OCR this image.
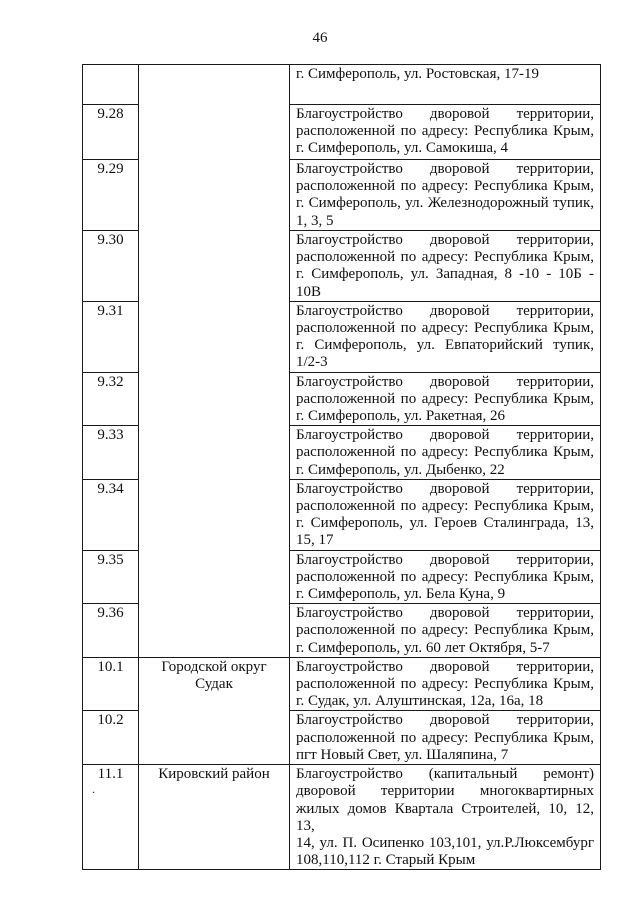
46

		г. Симферополь, ул. Ростовская, 17-19

9.28		Благоустройство дворовой территории,
расположенной по адресу: Республика Крым,
г. Симферополь, ул. Самокиша, 4

9.29		Благоустройство дворовой территории,
расположенной по адресу: Республика Крым,
г. Симферополь, ул. Железнодорожный тупик,
1, 3, 5

9.30		Благоустройство дворовой территории,
расположенной по адресу: Республика Крым,
г. Симферополь, ул. Западная, 8 -10 - 10Б - 10В

9.31		Благоустройство дворовой территории,
расположенной по адресу: Республика Крым,
г. Симферополь, ул. Евпаторийский тупик,
1/2-3

9.32		Благоустройство дворовой территории,
расположенной по адресу: Республика Крым,
г. Симферополь, ул. Ракетная, 26

9.33		Благоустройство дворовой территории,
расположенной по адресу: Республика Крым,
г. Симферополь, ул. Дыбенко, 22

9.34		Благоустройство дворовой территории,
расположенной по адресу: Республика Крым,
г. Симферополь, ул. Героев Сталинграда, 13,
15, 17

9.35		Благоустройство дворовой территории,
расположенной по адресу: Республика Крым,
г. Симферополь, ул. Бела Куна, 9

9.36		Благоустройство дворовой территории,
расположенной по адресу: Республика Крым,
г. Симферополь, ул. 60 лет Октября, 5-7

10.1	Городской округ Судак	Благоустройство дворовой территории,
расположенной по адресу: Республика Крым,
г. Судак, ул. Алуштинская, 12а, 16а, 18

10.2		Благоустройство дворовой территории,
расположенной по адресу: Республика Крым,
пгт Новый Свет, ул. Шаляпина, 7

11.1	Кировский район	Благоустройство (капитальный ремонт)
дворовой территории многоквартирных
жилых домов Квартала Строителей, 10, 12, 13,
14, ул. П. Осипенко 103,101, ул.Р.Люксембург
108,110,112 г. Старый Крым
.
